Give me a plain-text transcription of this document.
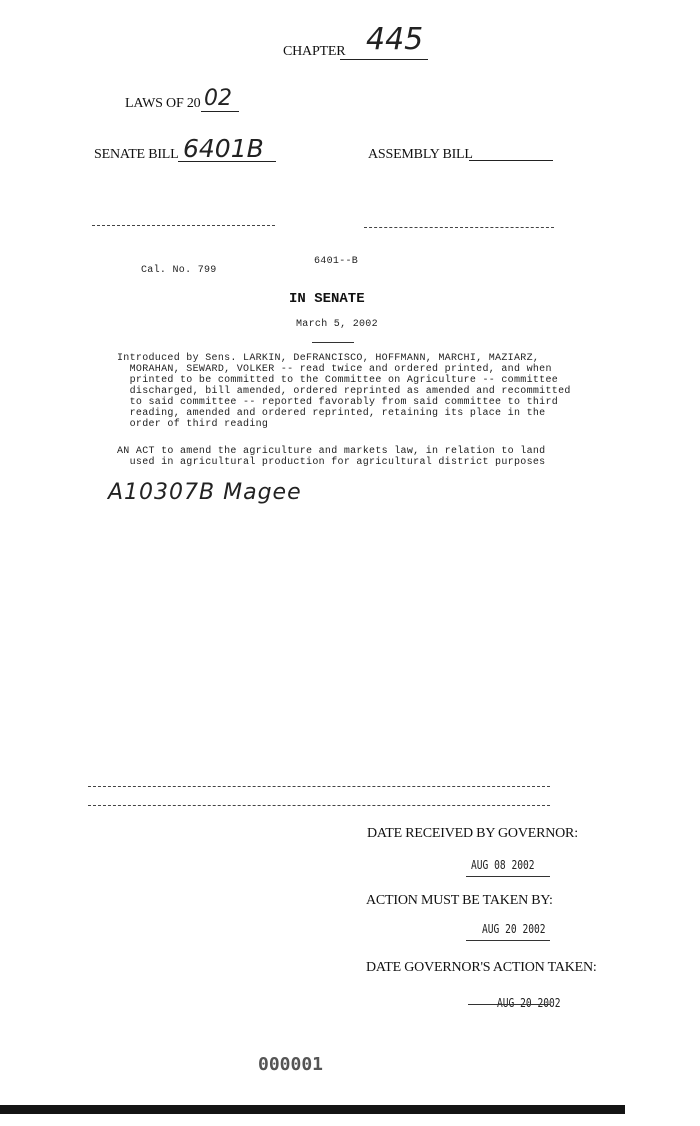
CHAPTER 445
LAWS OF 20 02
SENATE BILL 6401B	ASSEMBLY BILL
6401--B
Cal. No. 799
IN SENATE
March 5, 2002
Introduced by Sens. LARKIN, DeFRANCISCO, HOFFMANN, MARCHI, MAZIARZ,
MORAHAN, SEWARD, VOLKER -- read twice and ordered printed, and when
printed to be committed to the Committee on Agriculture -- committee
discharged, bill amended, ordered reprinted as amended and recommitted
to said committee -- reported favorably from said committee to third
reading, amended and ordered reprinted, retaining its place in the
order of third reading
AN ACT to amend the agriculture and markets law, in relation to land
used in agricultural production for agricultural district purposes
A10307B Magee
DATE RECEIVED BY GOVERNOR:
AUG 08 2002
ACTION MUST BE TAKEN BY:
AUG 20 2002
DATE GOVERNOR'S ACTION TAKEN:
AUG 20 2002
000001
